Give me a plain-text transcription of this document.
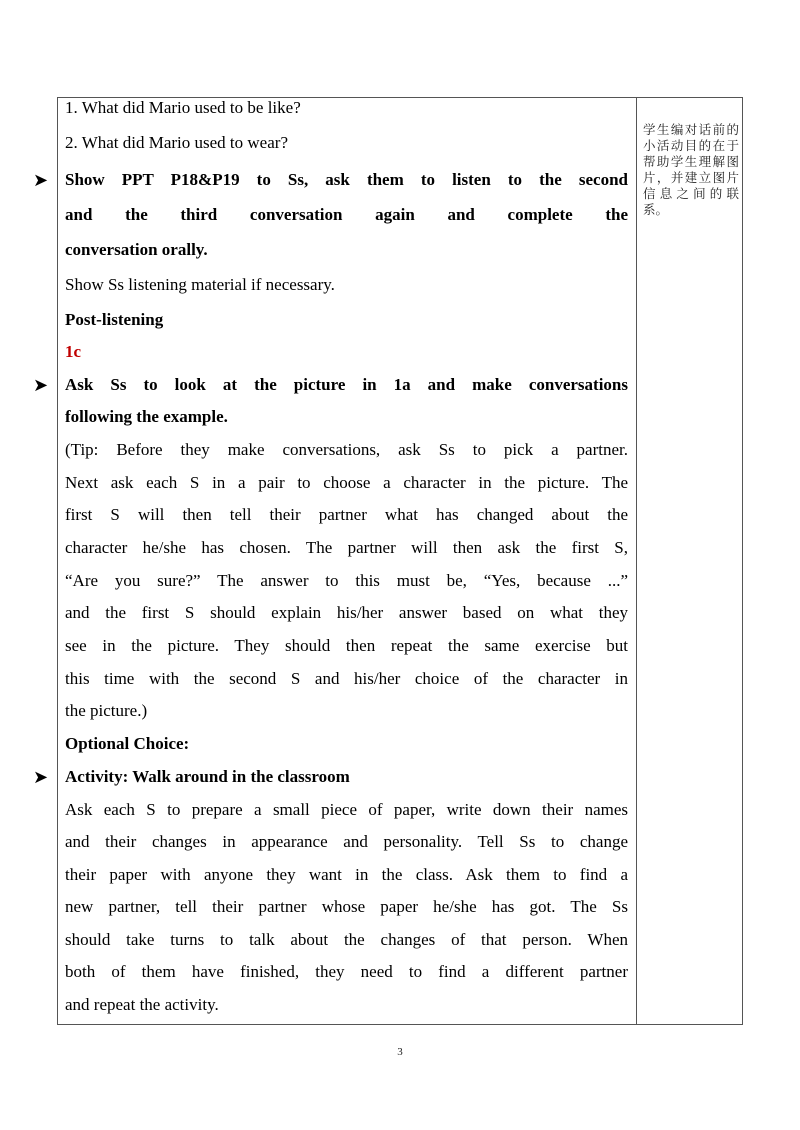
学生编对话前的小活动目的在于帮助学生理解图片，并建立图片信息之间的联系。
1. What did Mario used to be like?
2. What did Mario used to wear?
➤ Show PPT P18&P19 to Ss, ask them to listen to the second
and the third conversation again and complete the
conversation orally.
Show Ss listening material if necessary.
Post-listening
1c
➤ Ask Ss to look at the picture in 1a and make conversations
following the example.
(Tip: Before they make conversations, ask Ss to pick a partner.
Next ask each S in a pair to choose a character in the picture. The
first S will then tell their partner what has changed about the
character he/she has chosen. The partner will then ask the first S,
“Are you sure?” The answer to this must be, “Yes, because ...”
and the first S should explain his/her answer based on what they
see in the picture. They should then repeat the same exercise but
this time with the second S and his/her choice of the character in
the picture.)
Optional Choice:
➤ Activity: Walk around in the classroom
Ask each S to prepare a small piece of paper, write down their names
and their changes in appearance and personality. Tell Ss to change
their paper with anyone they want in the class. Ask them to find a
new partner, tell their partner whose paper he/she has got. The Ss
should take turns to talk about the changes of that person. When
both of them have finished, they need to find a different partner
and repeat the activity.
3
